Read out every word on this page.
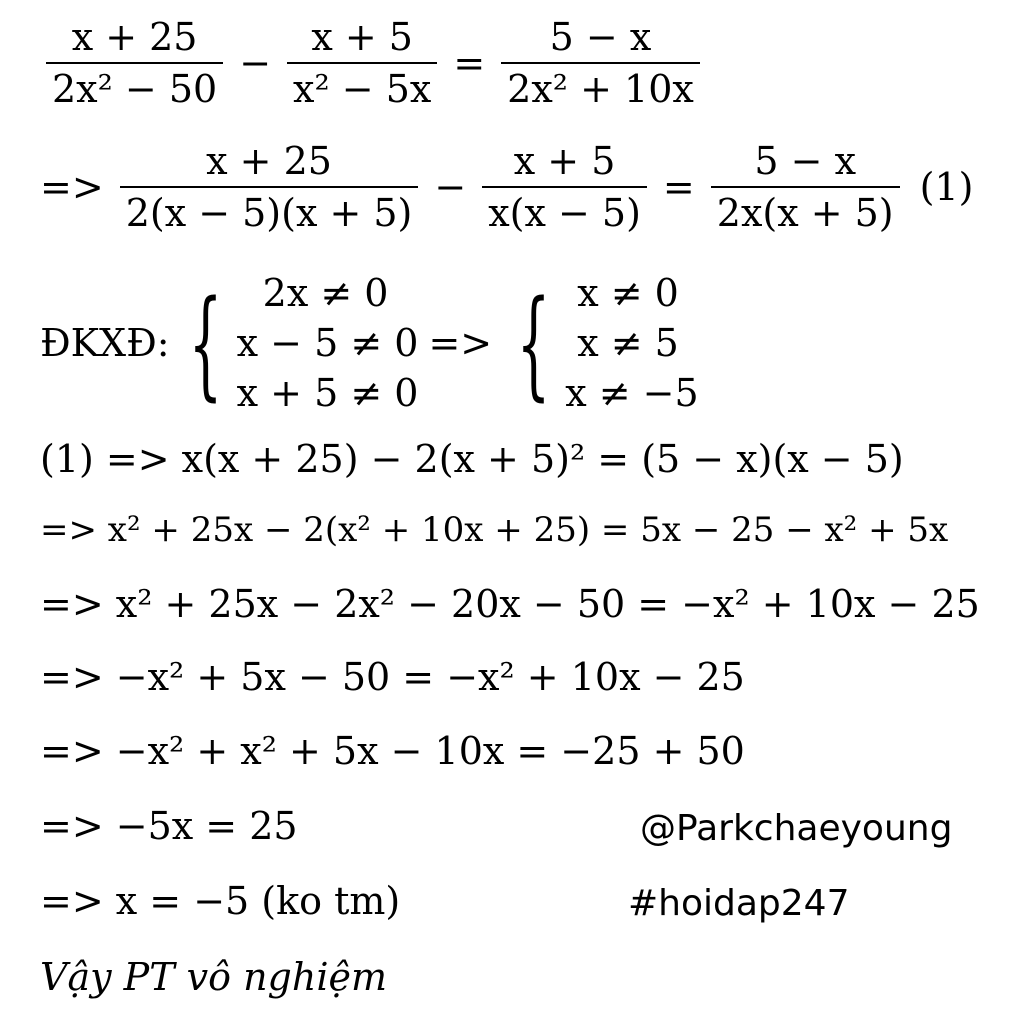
$\frac{x + 25}{\text{2x² − 50}} - \frac{x + 5}{\text{x² − 5x}} = \frac{5 - x}{\text{2x² + 10x}}$
=> $\frac{x + 25}{2(x - 5)(x + 5)} - \frac{x + 5}{x(x - 5)} = \frac{5 - x}{2x(x + 5)} (1)$
ĐKXĐ: { 2x ≠ 0
x − 5 ≠ 0
x + 5 ≠ 0
=> { x ≠ 0
x ≠ 5
x ≠ −5
(1) => x(x + 25) − 2(x + 5)² = (5 − x)(x − 5)
=> x² + 25x − 2(x² + 10x + 25) = 5x − 25 − x² + 5x
=> x² + 25x − 2x² − 20x − 50 = −x² + 10x − 25
=> −x² + 5x − 50 = −x² + 10x − 25
=> −x² + x² + 5x − 10x = −25 + 50
=> −5x = 25
=> x = −5 (ko tm)
Vậy PT vô nghiệm
@Parkchaeyoung
#hoidap247
